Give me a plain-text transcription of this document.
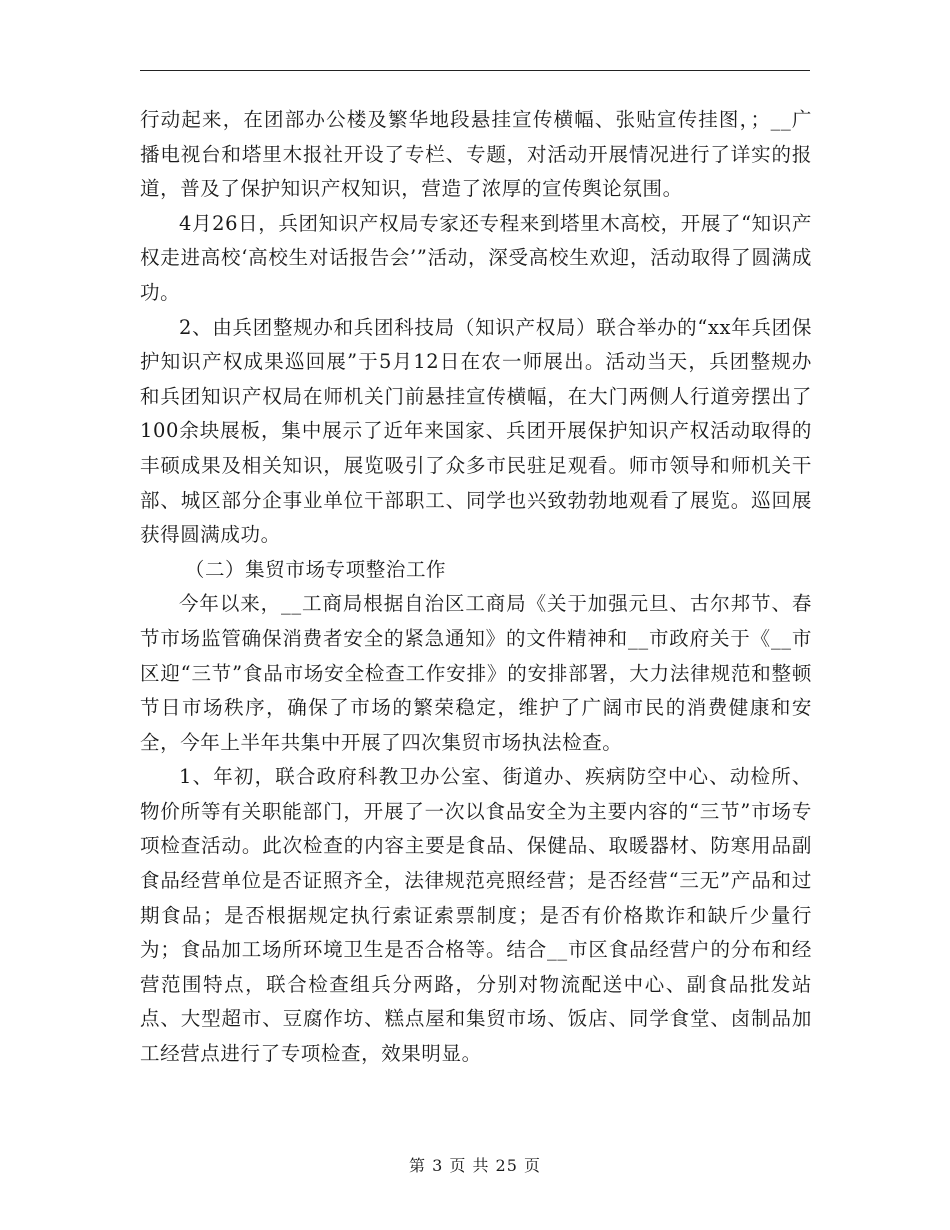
行动起来，在团部办公楼及繁华地段悬挂宣传横幅、张贴宣传挂图，；__广播电视台和塔里木报社开设了专栏、专题，对活动开展情况进行了详实的报道，普及了保护知识产权知识，营造了浓厚的宣传舆论氛围。

4月26日，兵团知识产权局专家还专程来到塔里木高校，开展了“知识产权走进高校‘高校生对话报告会’”活动，深受高校生欢迎，活动取得了圆满成功。

2、由兵团整规办和兵团科技局（知识产权局）联合举办的“xx年兵团保护知识产权成果巡回展”于5月12日在农一师展出。活动当天，兵团整规办和兵团知识产权局在师机关门前悬挂宣传横幅，在大门两侧人行道旁摆出了100余块展板，集中展示了近年来国家、兵团开展保护知识产权活动取得的丰硕成果及相关知识，展览吸引了众多市民驻足观看。师市领导和师机关干部、城区部分企事业单位干部职工、同学也兴致勃勃地观看了展览。巡回展获得圆满成功。

（二）集贸市场专项整治工作

今年以来，__工商局根据自治区工商局《关于加强元旦、古尔邦节、春节市场监管确保消费者安全的紧急通知》的文件精神和__市政府关于《__市区迎“三节”食品市场安全检查工作安排》的安排部署，大力法律规范和整顿节日市场秩序，确保了市场的繁荣稳定，维护了广阔市民的消费健康和安全，今年上半年共集中开展了四次集贸市场执法检查。

1、年初，联合政府科教卫办公室、街道办、疾病防空中心、动检所、物价所等有关职能部门，开展了一次以食品安全为主要内容的“三节”市场专项检查活动。此次检查的内容主要是食品、保健品、取暖器材、防寒用品副食品经营单位是否证照齐全，法律规范亮照经营；是否经营“三无”产品和过期食品；是否根据规定执行索证索票制度；是否有价格欺诈和缺斤少量行为；食品加工场所环境卫生是否合格等。结合__市区食品经营户的分布和经营范围特点，联合检查组兵分两路，分别对物流配送中心、副食品批发站点、大型超市、豆腐作坊、糕点屋和集贸市场、饭店、同学食堂、卤制品加工经营点进行了专项检查，效果明显。

第 3 页 共 25 页
